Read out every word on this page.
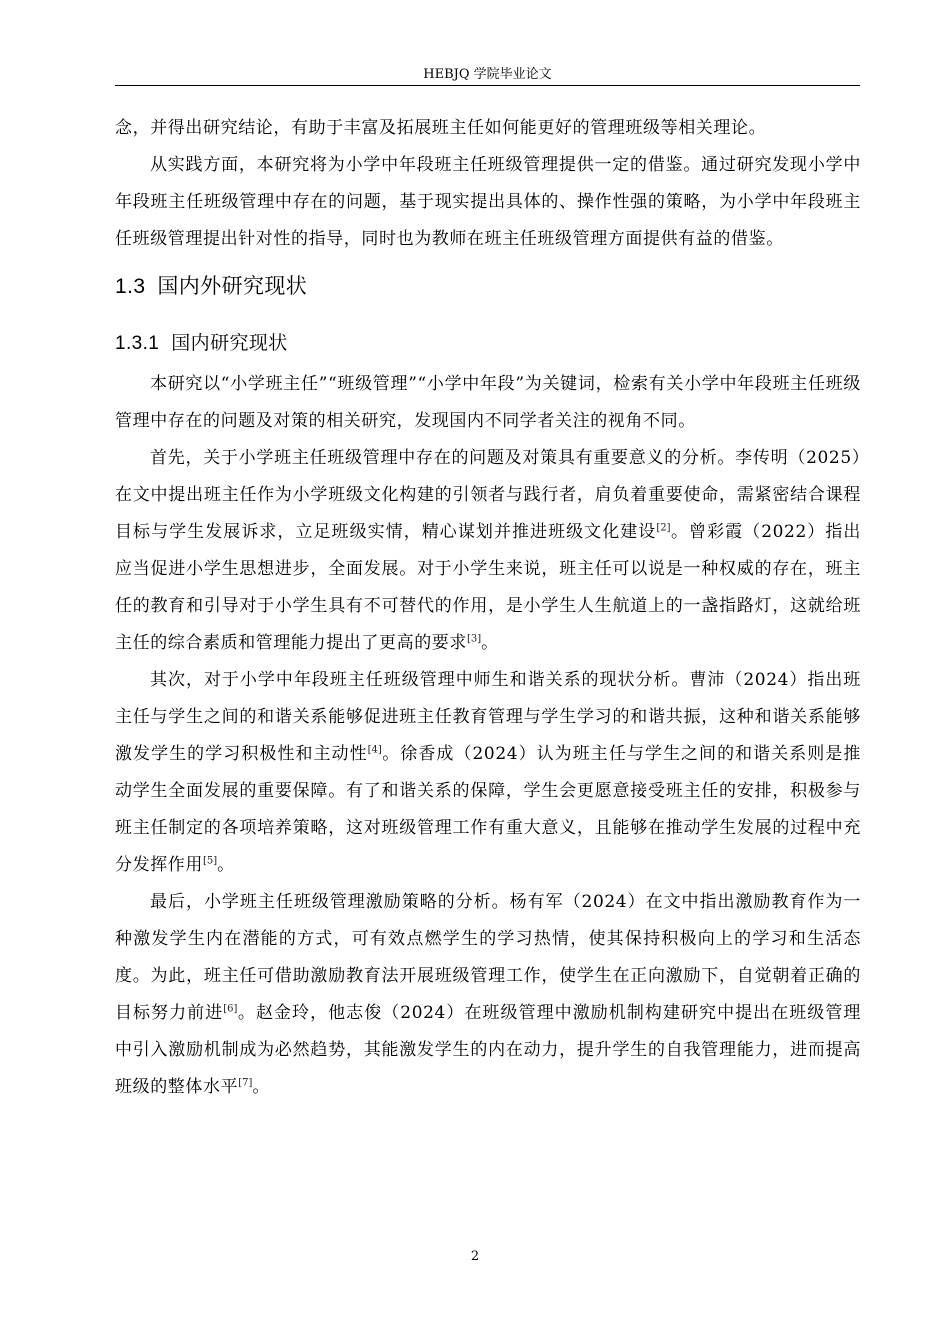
HEBJQ 学院毕业论文

念，并得出研究结论，有助于丰富及拓展班主任如何能更好的管理班级等相关理论。

从实践方面，本研究将为小学中年段班主任班级管理提供一定的借鉴。通过研究发现小学中年段班主任班级管理中存在的问题，基于现实提出具体的、操作性强的策略，为小学中年段班主任班级管理提出针对性的指导，同时也为教师在班主任班级管理方面提供有益的借鉴。

1.3 国内外研究现状
1.3.1 国内研究现状

本研究以“小学班主任”“班级管理”“小学中年段”为关键词，检索有关小学中年段班主任班级管理中存在的问题及对策的相关研究，发现国内不同学者关注的视角不同。

首先，关于小学班主任班级管理中存在的问题及对策具有重要意义的分析。李传明（2025）在文中提出班主任作为小学班级文化构建的引领者与践行者，肩负着重要使命，需紧密结合课程目标与学生发展诉求，立足班级实情，精心谋划并推进班级文化建设[2]。曾彩霞（2022）指出应当促进小学生思想进步，全面发展。对于小学生来说，班主任可以说是一种权威的存在，班主任的教育和引导对于小学生具有不可替代的作用，是小学生人生航道上的一盏指路灯，这就给班主任的综合素质和管理能力提出了更高的要求[3]。

其次，对于小学中年段班主任班级管理中师生和谐关系的现状分析。曹沛（2024）指出班主任与学生之间的和谐关系能够促进班主任教育管理与学生学习的和谐共振，这种和谐关系能够激发学生的学习积极性和主动性[4]。徐香成（2024）认为班主任与学生之间的和谐关系则是推动学生全面发展的重要保障。有了和谐关系的保障，学生会更愿意接受班主任的安排，积极参与班主任制定的各项培养策略，这对班级管理工作有重大意义，且能够在推动学生发展的过程中充分发挥作用[5]。

最后，小学班主任班级管理激励策略的分析。杨有军（2024）在文中指出激励教育作为一种激发学生内在潜能的方式，可有效点燃学生的学习热情，使其保持积极向上的学习和生活态度。为此，班主任可借助激励教育法开展班级管理工作，使学生在正向激励下，自觉朝着正确的目标努力前进[6]。赵金玲，他志俊（2024）在班级管理中激励机制构建研究中提出在班级管理中引入激励机制成为必然趋势，其能激发学生的内在动力，提升学生的自我管理能力，进而提高班级的整体水平[7]。

2
